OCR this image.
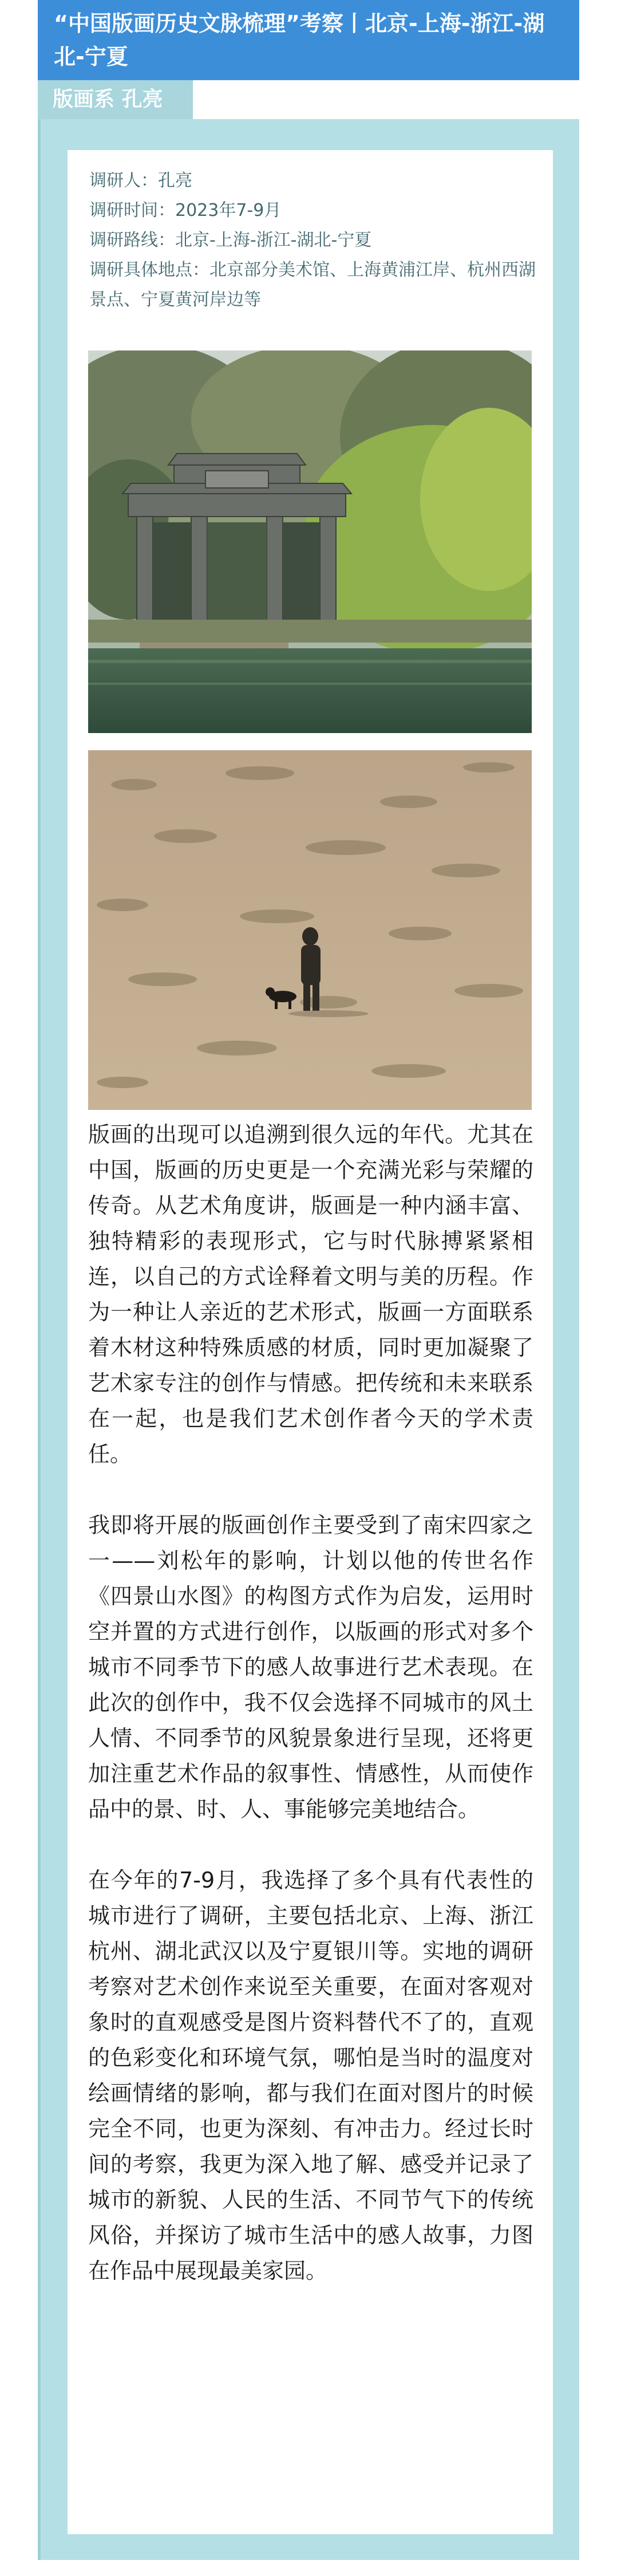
“中国版画历史文脉梳理”考察丨北京-上海-浙江-湖北-宁夏
版画系 孔亮
调研人：孔亮
调研时间：2023年7-9月
调研路线：北京-上海-浙江-湖北-宁夏
调研具体地点：北京部分美术馆、上海黄浦江岸、杭州西湖景点、宁夏黄河岸边等

版画的出现可以追溯到很久远的年代。尤其在中国，版画的历史更是一个充满光彩与荣耀的传奇。从艺术角度讲，版画是一种内涵丰富、独特精彩的表现形式，它与时代脉搏紧紧相连，以自己的方式诠释着文明与美的历程。作为一种让人亲近的艺术形式，版画一方面联系着木材这种特殊质感的材质，同时更加凝聚了艺术家专注的创作与情感。把传统和未来联系在一起，也是我们艺术创作者今天的学术责任。

我即将开展的版画创作主要受到了南宋四家之一——刘松年的影响，计划以他的传世名作《四景山水图》的构图方式作为启发，运用时空并置的方式进行创作，以版画的形式对多个城市不同季节下的感人故事进行艺术表现。在此次的创作中，我不仅会选择不同城市的风土人情、不同季节的风貌景象进行呈现，还将更加注重艺术作品的叙事性、情感性，从而使作品中的景、时、人、事能够完美地结合。

在今年的7-9月，我选择了多个具有代表性的城市进行了调研，主要包括北京、上海、浙江杭州、湖北武汉以及宁夏银川等。实地的调研考察对艺术创作来说至关重要，在面对客观对象时的直观感受是图片资料替代不了的，直观的色彩变化和环境气氛，哪怕是当时的温度对绘画情绪的影响，都与我们在面对图片的时候完全不同，也更为深刻、有冲击力。经过长时间的考察，我更为深入地了解、感受并记录了城市的新貌、人民的生活、不同节气下的传统风俗，并探访了城市生活中的感人故事，力图在作品中展现最美家园。
